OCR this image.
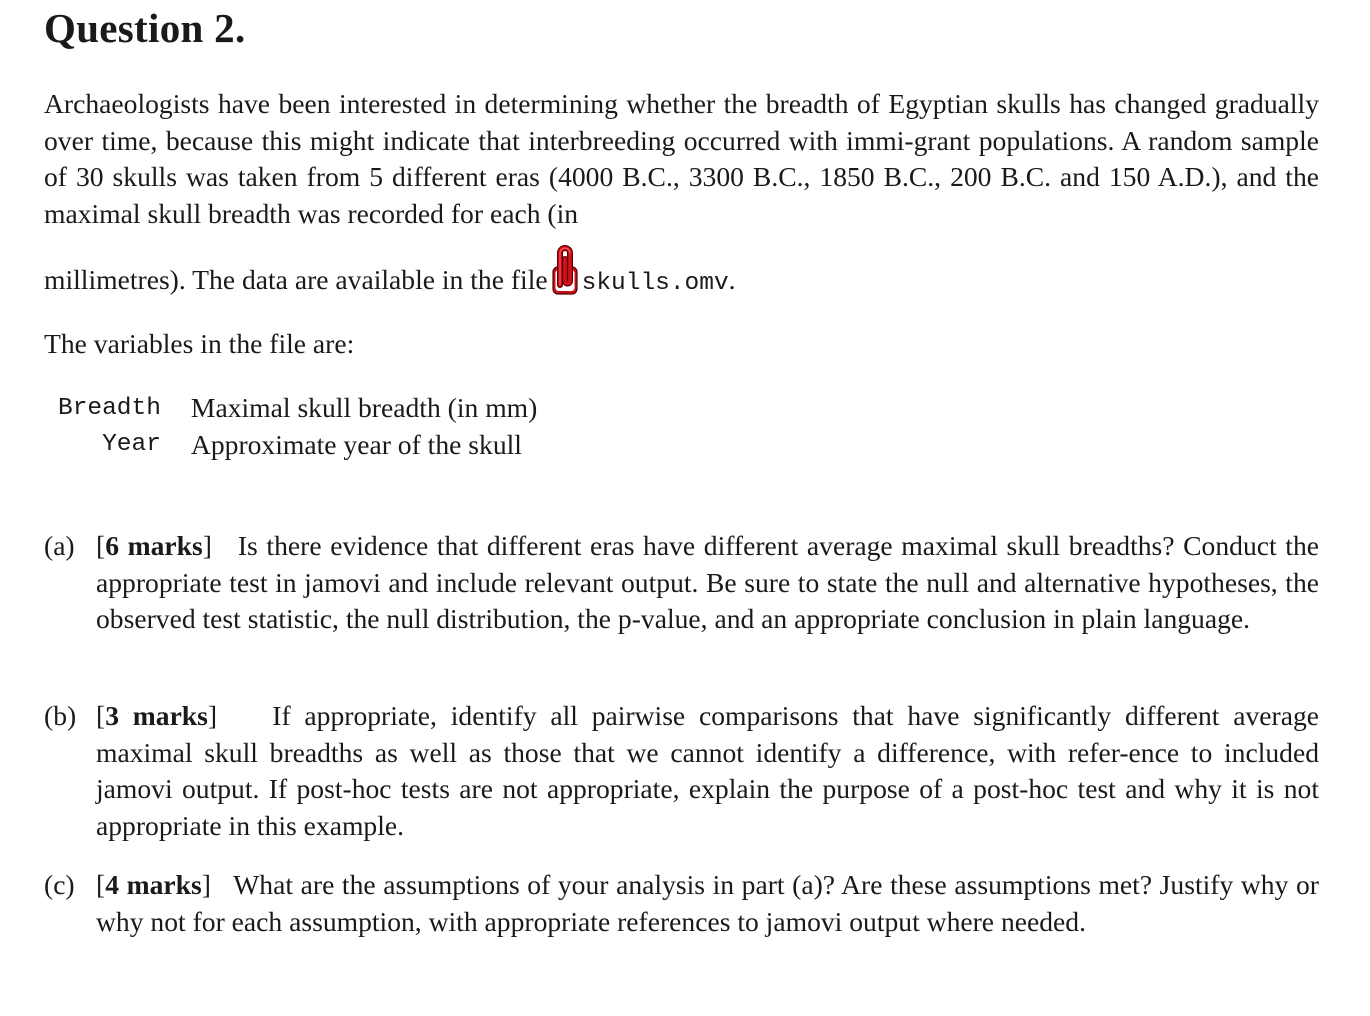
Question 2.

Archaeologists have been interested in determining whether the breadth of Egyptian skulls has changed gradually over time, because this might indicate that interbreeding occurred with immi-grant populations. A random sample of 30 skulls was taken from 5 different eras (4000 B.C., 3300 B.C., 1850 B.C., 200 B.C. and 150 A.D.), and the maximal skull breadth was recorded for each (in
millimetres). The data are available in the file skulls.omv.

The variables in the file are:

Breadth	Maximal skull breadth (in mm)
Year	Approximate year of the skull
(a) [6 marks] Is there evidence that different eras have different average maximal skull breadths? Conduct the appropriate test in jamovi and include relevant output. Be sure to state the null and alternative hypotheses, the observed test statistic, the null distribution, the p-value, and an appropriate conclusion in plain language.
(b) [3 marks] If appropriate, identify all pairwise comparisons that have significantly different average maximal skull breadths as well as those that we cannot identify a difference, with refer-ence to included jamovi output. If post-hoc tests are not appropriate, explain the purpose of a post-hoc test and why it is not appropriate in this example.
(c) [4 marks] What are the assumptions of your analysis in part (a)? Are these assumptions met? Justify why or why not for each assumption, with appropriate references to jamovi output where needed.
